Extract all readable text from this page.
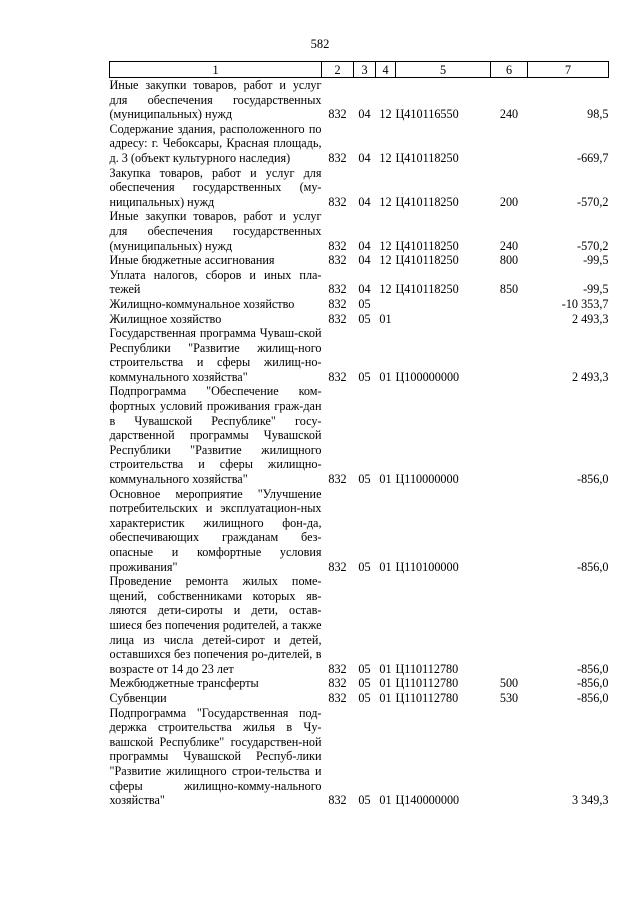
582
1	2	3	4	5	6	7
Иные закупки товаров, работ и услуг для обеспечения государственных (муниципальных) нужд	832	04	12	Ц410116550	240	98,5
Содержание здания, расположенного по адресу: г. Чебоксары, Красная площадь, д. 3 (объект культурного наследия)	832	04	12	Ц410118250		-669,7
Закупка товаров, работ и услуг для обеспечения государственных (му-ниципальных) нужд	832	04	12	Ц410118250	200	-570,2
Иные закупки товаров, работ и услуг для обеспечения государственных (муниципальных) нужд	832	04	12	Ц410118250	240	-570,2
Иные бюджетные ассигнования	832	04	12	Ц410118250	800	-99,5
Уплата налогов, сборов и иных пла-тежей	832	04	12	Ц410118250	850	-99,5
Жилищно-коммунальное хозяйство	832	05				-10 353,7
Жилищное хозяйство	832	05	01			2 493,3
Государственная программа Чуваш-ской Республики "Развитие жилищ-ного строительства и сферы жилищ-но-коммунального хозяйства"	832	05	01	Ц100000000		2 493,3
Подпрограмма "Обеспечение ком-фортных условий проживания граж-дан в Чувашской Республике" госу-дарственной программы Чувашской Республики "Развитие жилищного строительства и сферы жилищно-коммунального хозяйства"	832	05	01	Ц110000000		-856,0
Основное мероприятие "Улучшение потребительских и эксплуатацион-ных характеристик жилищного фон-да, обеспечивающих гражданам без-опасные и комфортные условия проживания"	832	05	01	Ц110100000		-856,0
Проведение ремонта жилых поме-щений, собственниками которых яв-ляются дети-сироты и дети, остав-шиеся без попечения родителей, а также лица из числа детей-сирот и детей, оставшихся без попечения ро-дителей, в возрасте от 14 до 23 лет	832	05	01	Ц110112780		-856,0
Межбюджетные трансферты	832	05	01	Ц110112780	500	-856,0
Субвенции	832	05	01	Ц110112780	530	-856,0
Подпрограмма "Государственная под-держка строительства жилья в Чу-вашской Республике" государствен-ной программы Чувашской Респуб-лики "Развитие жилищного строи-тельства и сферы жилищно-комму-нального хозяйства"	832	05	01	Ц140000000		3 349,3
